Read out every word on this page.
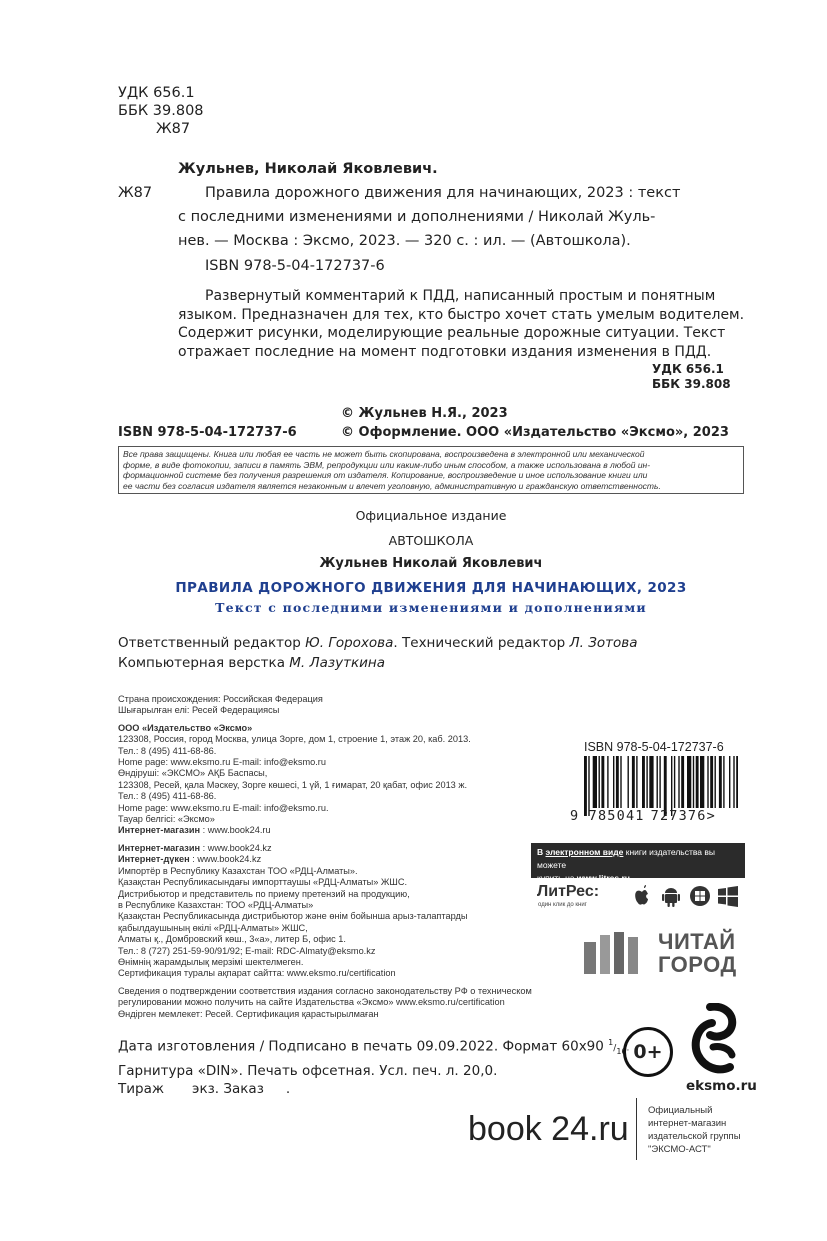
УДК 656.1
ББК 39.808
Ж87
Жульнев, Николай Яковлевич.
Ж87	Правила дорожного движения для начинающих, 2023 : текст
с последними изменениями и дополнениями / Николай Жуль-
нев. — Москва : Эксмо, 2023. — 320 с. : ил. — (Автошкола).
ISBN 978-5-04-172737-6
Развернутый комментарий к ПДД, написанный простым и понятным
языком. Предназначен для тех, кто быстро хочет стать умелым водителем.
Содержит рисунки, моделирующие реальные дорожные ситуации. Текст
отражает последние на момент подготовки издания изменения в ПДД.
УДК 656.1
ББК 39.808
© Жульнев Н.Я., 2023
ISBN 978-5-04-172737-6	© Оформление. ООО «Издательство «Эксмо», 2023
Все права защищены. Книга или любая ее часть не может быть скопирована, воспроизведена в электронной или механической
форме, в виде фотокопии, записи в память ЭВМ, репродукции или каким-либо иным способом, а также использована в любой ин-
формационной системе без получения разрешения от издателя. Копирование, воспроизведение и иное использование книги или
ее части без согласия издателя является незаконным и влечет уголовную, административную и гражданскую ответственность.
Официальное издание
АВТОШКОЛА
Жульнев Николай Яковлевич
ПРАВИЛА ДОРОЖНОГО ДВИЖЕНИЯ ДЛЯ НАЧИНАЮЩИХ, 2023
Текст с последними изменениями и дополнениями
Ответственный редактор Ю. Горохова. Технический редактор Л. Зотова
Компьютерная верстка М. Лазуткина
Страна происхождения: Российская Федерация
Шығарылған елі: Ресей Федерациясы
ООО «Издательство «Эксмо»
123308, Россия, город Москва, улица Зорге, дом 1, строение 1, этаж 20, каб. 2013.
Тел.: 8 (495) 411-68-86.
Home page: www.eksmo.ru E-mail: info@eksmo.ru
Өндіруші: «ЭКСМО» АҚБ Баспасы,
123308, Ресей, қала Мәскеу, Зорге көшесі, 1 үй, 1 ғимарат, 20 қабат, офис 2013 ж.
Тел.: 8 (495) 411-68-86.
Home page: www.eksmo.ru E-mail: info@eksmo.ru.
Тауар белгісі: «Эксмо»
Интернет-магазин : www.book24.ru
Интернет-магазин : www.book24.kz
Интернет-дүкен : www.book24.kz
Импортёр в Республику Казахстан ТОО «РДЦ-Алматы».
Қазақстан Республикасындағы импорттаушы «РДЦ-Алматы» ЖШС.
Дистрибьютор и представитель по приему претензий на продукцию,
в Республике Казахстан: ТОО «РДЦ-Алматы»
Қазақстан Республикасында дистрибьютор және өнім бойынша арыз-талаптарды
қабылдаушының өкілі «РДЦ-Алматы» ЖШС,
Алматы қ., Домбровский көш., 3«а», литер Б, офис 1.
Тел.: 8 (727) 251-59-90/91/92; E-mail: RDC-Almaty@eksmo.kz
Өнімнің жарамдылық мерзімі шектелмеген.
Сертификация туралы ақпарат сайтта: www.eksmo.ru/certification
Сведения о подтверждении соответствия издания согласно законодательству РФ о техническом
регулировании можно получить на сайте Издательства «Эксмо» www.eksmo.ru/certification
Өндірген мемлекет: Ресей. Сертификация қарастырылмаған
Дата изготовления / Подписано в печать 09.09.2022. Формат 60х90 $^1/_{16}$.
Гарнитура «DIN». Печать офсетная. Усл. печ. л. 20,0.
Тираж экз. Заказ .
ISBN 978-5-04-172737-6
9 785041 727376>
В электронном виде книги издательства вы можете
купить на www.litres.ru
ЛитРес:
один клик до книг
ЧИТАЙ
ГОРОД
0+
eksmo.ru
book 24.ru Официальный
интернет-магазин
издательской группы
"ЭКСМО-АСТ"
